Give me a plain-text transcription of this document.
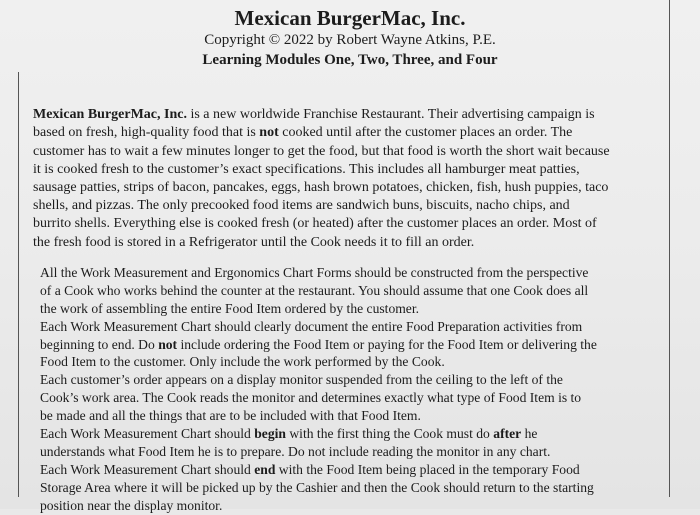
Mexican BurgerMac, Inc.

Copyright © 2022 by Robert Wayne Atkins, P.E.

Learning Modules One, Two, Three, and Four

Mexican BurgerMac, Inc. is a new worldwide Franchise Restaurant. Their advertising campaign is
based on fresh, high-quality food that is not cooked until after the customer places an order. The
customer has to wait a few minutes longer to get the food, but that food is worth the short wait because
it is cooked fresh to the customer’s exact specifications. This includes all hamburger meat patties,
sausage patties, strips of bacon, pancakes, eggs, hash brown potatoes, chicken, fish, hush puppies, taco
shells, and pizzas. The only precooked food items are sandwich buns, biscuits, nacho chips, and
burrito shells. Everything else is cooked fresh (or heated) after the customer places an order. Most of
the fresh food is stored in a Refrigerator until the Cook needs it to fill an order.

All the Work Measurement and Ergonomics Chart Forms should be constructed from the perspective
of a Cook who works behind the counter at the restaurant. You should assume that one Cook does all
the work of assembling the entire Food Item ordered by the customer.
Each Work Measurement Chart should clearly document the entire Food Preparation activities from
beginning to end. Do not include ordering the Food Item or paying for the Food Item or delivering the
Food Item to the customer. Only include the work performed by the Cook.
Each customer’s order appears on a display monitor suspended from the ceiling to the left of the
Cook’s work area. The Cook reads the monitor and determines exactly what type of Food Item is to
be made and all the things that are to be included with that Food Item.
Each Work Measurement Chart should begin with the first thing the Cook must do after he
understands what Food Item he is to prepare. Do not include reading the monitor in any chart.
Each Work Measurement Chart should end with the Food Item being placed in the temporary Food
Storage Area where it will be picked up by the Cashier and then the Cook should return to the starting
position near the display monitor.
